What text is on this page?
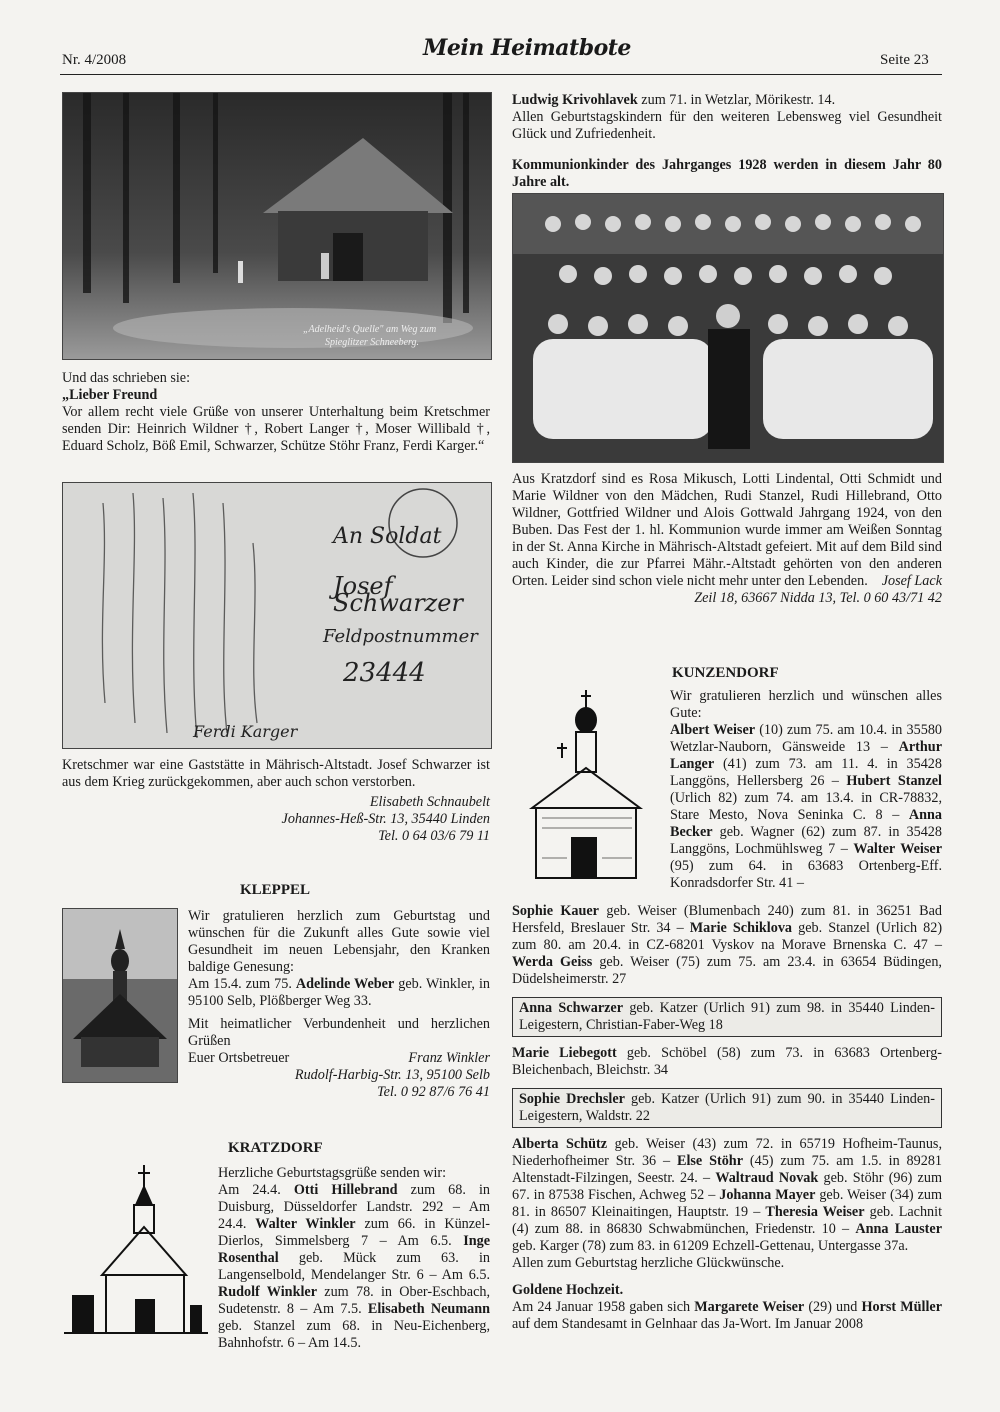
Nr. 4/2008	Mein Heimatbote	Seite 23
„Adelheid's Quelle" am Weg zum
Spieglitzer Schneeberg.

Und das schrieben sie:

„Lieber Freund

Vor allem recht viele Grüße von unserer Unterhaltung beim Kretschmer senden Dir: Heinrich Wildner †, Robert Langer †, Moser Willibald †, Eduard Scholz, Böß Emil, Schwarzer, Schütze Stöhr Franz, Ferdi Karger.“

An Soldat
Josef Schwarzer
Feldpostnummer
23444
Ferdi Karger

Kretschmer war eine Gaststätte in Mährisch-Altstadt. Josef Schwarzer ist aus dem Krieg zurückgekommen, aber auch schon verstorben.

Elisabeth Schnaubelt

Johannes-Heß-Str. 13, 35440 Linden

Tel. 0 64 03/6 79 11

KLEPPEL

Wir gratulieren herzlich zum Geburtstag und wünschen für die Zukunft alles Gute sowie viel Gesundheit im neuen Lebensjahr, den Kranken baldige Genesung:

Am 15.4. zum 75. Adelinde Weber geb. Winkler, in 95100 Selb, Plößberger Weg 33.

Mit heimatlicher Verbundenheit und herzlichen Grüßen

Euer Ortsbetreuer	Franz Winkler

Rudolf-Harbig-Str. 13, 95100 Selb

Tel. 0 92 87/6 76 41

KRATZDORF

Herzliche Geburtstagsgrüße senden wir:

Am 24.4. Otti Hillebrand zum 68. in Duisburg, Düsseldorfer Landstr. 292 – Am 24.4. Walter Winkler zum 66. in Künzel-Dierlos, Simmelsberg 7 – Am 6.5. Inge Rosenthal geb. Mück zum 63. in Langenselbold, Mendelanger Str. 6 – Am 6.5. Rudolf Winkler zum 78. in Ober-Eschbach, Sudetenstr. 8 – Am 7.5. Elisabeth Neumann geb. Stanzel zum 68. in Neu-Eichenberg, Bahnhofstr. 6 – Am 14.5.

Ludwig Krivohlavek zum 71. in Wetzlar, Mörikestr. 14.

Allen Geburtstagskindern für den weiteren Lebensweg viel Gesundheit Glück und Zufriedenheit.

Kommunionkinder des Jahrganges 1928 werden in diesem Jahr 80 Jahre alt.

Aus Kratzdorf sind es Rosa Mikusch, Lotti Lindental, Otti Schmidt und Marie Wildner von den Mädchen, Rudi Stanzel, Rudi Hillebrand, Otto Wildner, Gottfried Wildner und Alois Gottwald Jahrgang 1924, von den Buben. Das Fest der 1. hl. Kommunion wurde immer am Weißen Sonntag in der St. Anna Kirche in Mährisch-Altstadt gefeiert. Mit auf dem Bild sind auch Kinder, die zur Pfarrei Mähr.-Altstadt gehörten von den anderen Orten. Leider sind schon viele nicht mehr unter den Lebenden. Josef Lack

Zeil 18, 63667 Nidda 13, Tel. 0 60 43/71 42

KUNZENDORF

Wir gratulieren herzlich und wünschen alles Gute:

Albert Weiser (10) zum 75. am 10.4. in 35580 Wetzlar-Nauborn, Gänsweide 13 – Arthur Langer (41) zum 73. am 11. 4. in 35428 Langgöns, Hellersberg 26 – Hubert Stanzel (Urlich 82) zum 74. am 13.4. in CR-78832, Stare Mesto, Nova Seninka C. 8 – Anna Becker geb. Wagner (62) zum 87. in 35428 Langgöns, Lochmühlsweg 7 – Walter Weiser (95) zum 64. in 63683 Ortenberg-Eff. Konradsdorfer Str. 41 –

Sophie Kauer geb. Weiser (Blumenbach 240) zum 81. in 36251 Bad Hersfeld, Breslauer Str. 34 – Marie Schiklova geb. Stanzel (Urlich 82) zum 80. am 20.4. in CZ-68201 Vyskov na Morave Brnenska C. 47 – Werda Geiss geb. Weiser (75) zum 75. am 23.4. in 63654 Büdingen, Düdelsheimerstr. 27

Anna Schwarzer geb. Katzer (Urlich 91) zum 98. in 35440 Linden-Leigestern, Christian-Faber-Weg 18

Marie Liebegott geb. Schöbel (58) zum 73. in 63683 Ortenberg-Bleichenbach, Bleichstr. 34

Sophie Drechsler geb. Katzer (Urlich 91) zum 90. in 35440 Linden- Leigestern, Waldstr. 22

Alberta Schütz geb. Weiser (43) zum 72. in 65719 Hofheim-Taunus, Niederhofheimer Str. 36 – Else Stöhr (45) zum 75. am 1.5. in 89281 Altenstadt-Filzingen, Seestr. 24. – Waltraud Novak geb. Stöhr (96) zum 67. in 87538 Fischen, Achweg 52 – Johanna Mayer geb. Weiser (34) zum 81. in 86507 Kleinaitingen, Hauptstr. 19 – Theresia Weiser geb. Lachnit (4) zum 88. in 86830 Schwabmünchen, Friedenstr. 10 – Anna Lauster geb. Karger (78) zum 83. in 61209 Echzell-Gettenau, Untergasse 37a.

Allen zum Geburtstag herzliche Glückwünsche.

Goldene Hochzeit.

Am 24 Januar 1958 gaben sich Margarete Weiser (29) und Horst Müller auf dem Standesamt in Gelnhaar das Ja-Wort. Im Januar 2008
